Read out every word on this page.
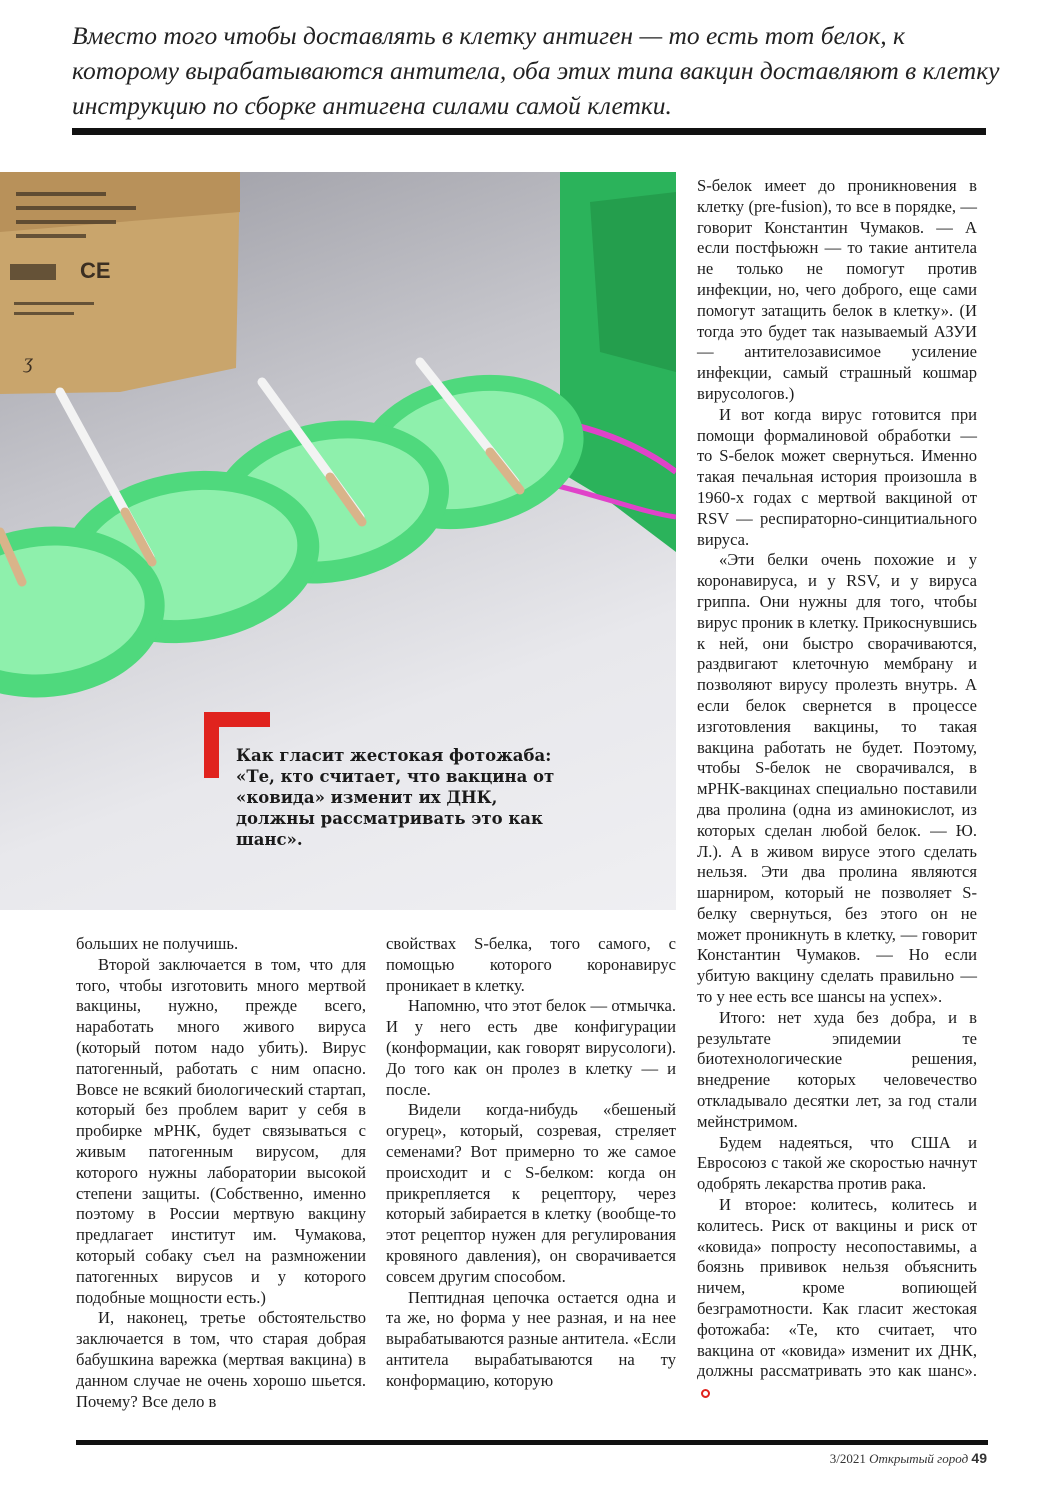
Вместо того чтобы доставлять в клетку антиген — то есть тот белок, к которому вырабатываются антитела, оба этих типа вакцин доставляют в клетку инструкцию по сборке антигена силами самой клетки.

CE
ʒ

Как гласит жестокая фотожаба: «Те, кто считает, что вакцина от «ковида» изменит их ДНК, должны рассматривать это как шанс».

больших не получишь.

Второй заключается в том, что для того, чтобы изготовить много мертвой вакцины, нужно, прежде всего, наработать много живого вируса (который потом надо убить). Вирус патогенный, работать с ним опасно. Вовсе не всякий биологический стартап, который без проблем варит у себя в пробирке мРНК, будет связываться с живым патогенным вирусом, для которого нужны лаборатории высокой степени защиты. (Собственно, именно поэтому в России мертвую вакцину предлагает институт им. Чумакова, который собаку съел на размножении патогенных вирусов и у которого подобные мощности есть.)

И, наконец, третье обстоятельство заключается в том, что старая добрая бабушкина варежка (мертвая вакцина) в данном случае не очень хорошо шьется. Почему? Все дело в

свойствах S-белка, того самого, с помощью которого коронавирус проникает в клетку.

Напомню, что этот белок — отмычка. И у него есть две конфигурации (конформации, как говорят вирусологи). До того как он пролез в клетку — и после.

Видели когда-нибудь «бешеный огурец», который, созревая, стреляет семенами? Вот примерно то же самое происходит и с S-белком: когда он прикрепляется к рецептору, через который забирается в клетку (вообще-то этот рецептор нужен для регулирования кровяного давления), он сворачивается совсем другим способом.

Пептидная цепочка остается одна и та же, но форма у нее разная, и на нее вырабатываются разные антитела. «Если антитела вырабатываются на ту конформацию, которую

S-белок имеет до проникновения в клетку (pre-fusion), то все в порядке, — говорит Константин Чумаков. — А если постфьюжн — то такие антитела не только не помогут против инфекции, но, чего доброго, еще сами помогут затащить белок в клетку». (И тогда это будет так называемый АЗУИ — антителозависимое усиление инфекции, самый страшный кошмар вирусологов.)

И вот когда вирус готовится при помощи формалиновой обработки — то S-белок может свернуться. Именно такая печальная история произошла в 1960-х годах с мертвой вакциной от RSV — респираторно-синцитиального вируса.

«Эти белки очень похожие и у коронавируса, и у RSV, и у вируса гриппа. Они нужны для того, чтобы вирус проник в клетку. Прикоснувшись к ней, они быстро сворачиваются, раздвигают клеточную мембрану и позволяют вирусу пролезть внутрь. А если белок свернется в процессе изготовления вакцины, то такая вакцина работать не будет. Поэтому, чтобы S-белок не сворачивался, в мРНК-вакцинах специально поставили два пролина (одна из аминокислот, из которых сделан любой белок. — Ю. Л.). А в живом вирусе этого сделать нельзя. Эти два пролина являются шарниром, который не позволяет S-белку свернуться, без этого он не может проникнуть в клетку, — говорит Константин Чумаков. — Но если убитую вакцину сделать правильно — то у нее есть все шансы на успех».

Итого: нет худа без добра, и в результате эпидемии те биотехнологические решения, внедрение которых человечество откладывало десятки лет, за год стали мейнстримом.

Будем надеяться, что США и Евросоюз с такой же скоростью начнут одобрять лекарства против рака.

И второе: колитесь, колитесь и колитесь. Риск от вакцины и риск от «ковида» попросту несопоставимы, а боязнь прививок нельзя объяснить ничем, кроме вопиющей безграмотности. Как гласит жестокая фотожаба: «Те, кто считает, что вакцина от «ковида» изменит их ДНК, должны рассматривать это как шанс».

3/2021 Открытый город 49
